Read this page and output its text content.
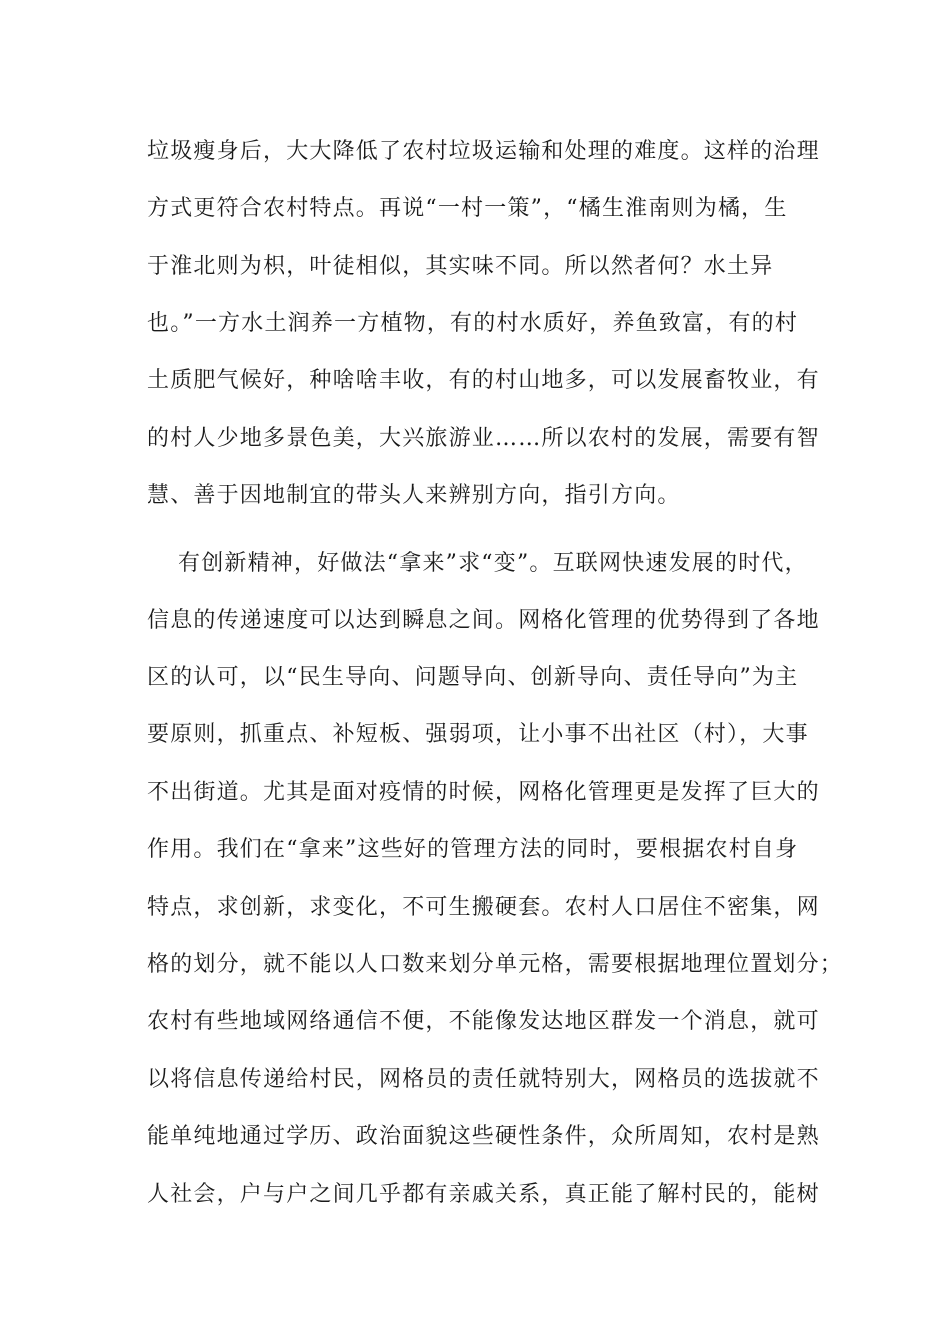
垃圾瘦身后，大大降低了农村垃圾运输和处理的难度。这样的治理
方式更符合农村特点。再说“一村一策”，“橘生淮南则为橘，生
于淮北则为枳，叶徒相似，其实味不同。所以然者何？水土异
也。”一方水土润养一方植物，有的村水质好，养鱼致富，有的村
土质肥气候好，种啥啥丰收，有的村山地多，可以发展畜牧业，有
的村人少地多景色美，大兴旅游业……所以农村的发展，需要有智
慧、善于因地制宜的带头人来辨别方向，指引方向。
有创新精神，好做法“拿来”求“变”。互联网快速发展的时代，
信息的传递速度可以达到瞬息之间。网格化管理的优势得到了各地
区的认可，以“民生导向、问题导向、创新导向、责任导向”为主
要原则，抓重点、补短板、强弱项，让小事不出社区（村），大事
不出街道。尤其是面对疫情的时候，网格化管理更是发挥了巨大的
作用。我们在“拿来”这些好的管理方法的同时，要根据农村自身
特点，求创新，求变化，不可生搬硬套。农村人口居住不密集，网
格的划分，就不能以人口数来划分单元格，需要根据地理位置划分；
农村有些地域网络通信不便，不能像发达地区群发一个消息，就可
以将信息传递给村民，网格员的责任就特别大，网格员的选拔就不
能单纯地通过学历、政治面貌这些硬性条件，众所周知，农村是熟
人社会，户与户之间几乎都有亲戚关系，真正能了解村民的，能树
